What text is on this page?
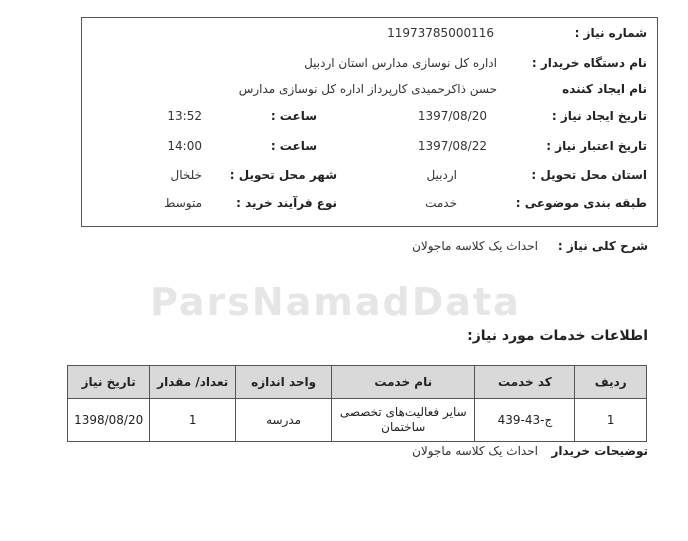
ParsNamadData
شماره نیاز :
11973785000116
نام دستگاه خریدار :
اداره کل نوسازی مدارس استان اردبیل
نام ایجاد کننده
حسن ذاکرحمیدی کارپرداز اداره کل نوسازی مدارس
تاریخ ایجاد نیاز :
1397/08/20
ساعت :
13:52
تاریخ اعتبار نیاز :
1397/08/22
ساعت :
14:00
استان محل تحویل :
اردبیل
شهر محل تحویل :
خلخال
طبقه بندی موضوعی :
خدمت
نوع فرآیند خرید :
متوسط
شرح کلی نیاز :
احداث یک کلاسه ماجولان
اطلاعات خدمات مورد نیاز:
ردیف	کد خدمت	نام خدمت	واحد اندازه	تعداد/ مقدار	تاریخ نیاز
1	ج-43-439	سایر فعالیت‌های تخصصی ساختمان	مدرسه	1	1398/08/20
توضیحات خریدار
احداث یک کلاسه ماجولان
